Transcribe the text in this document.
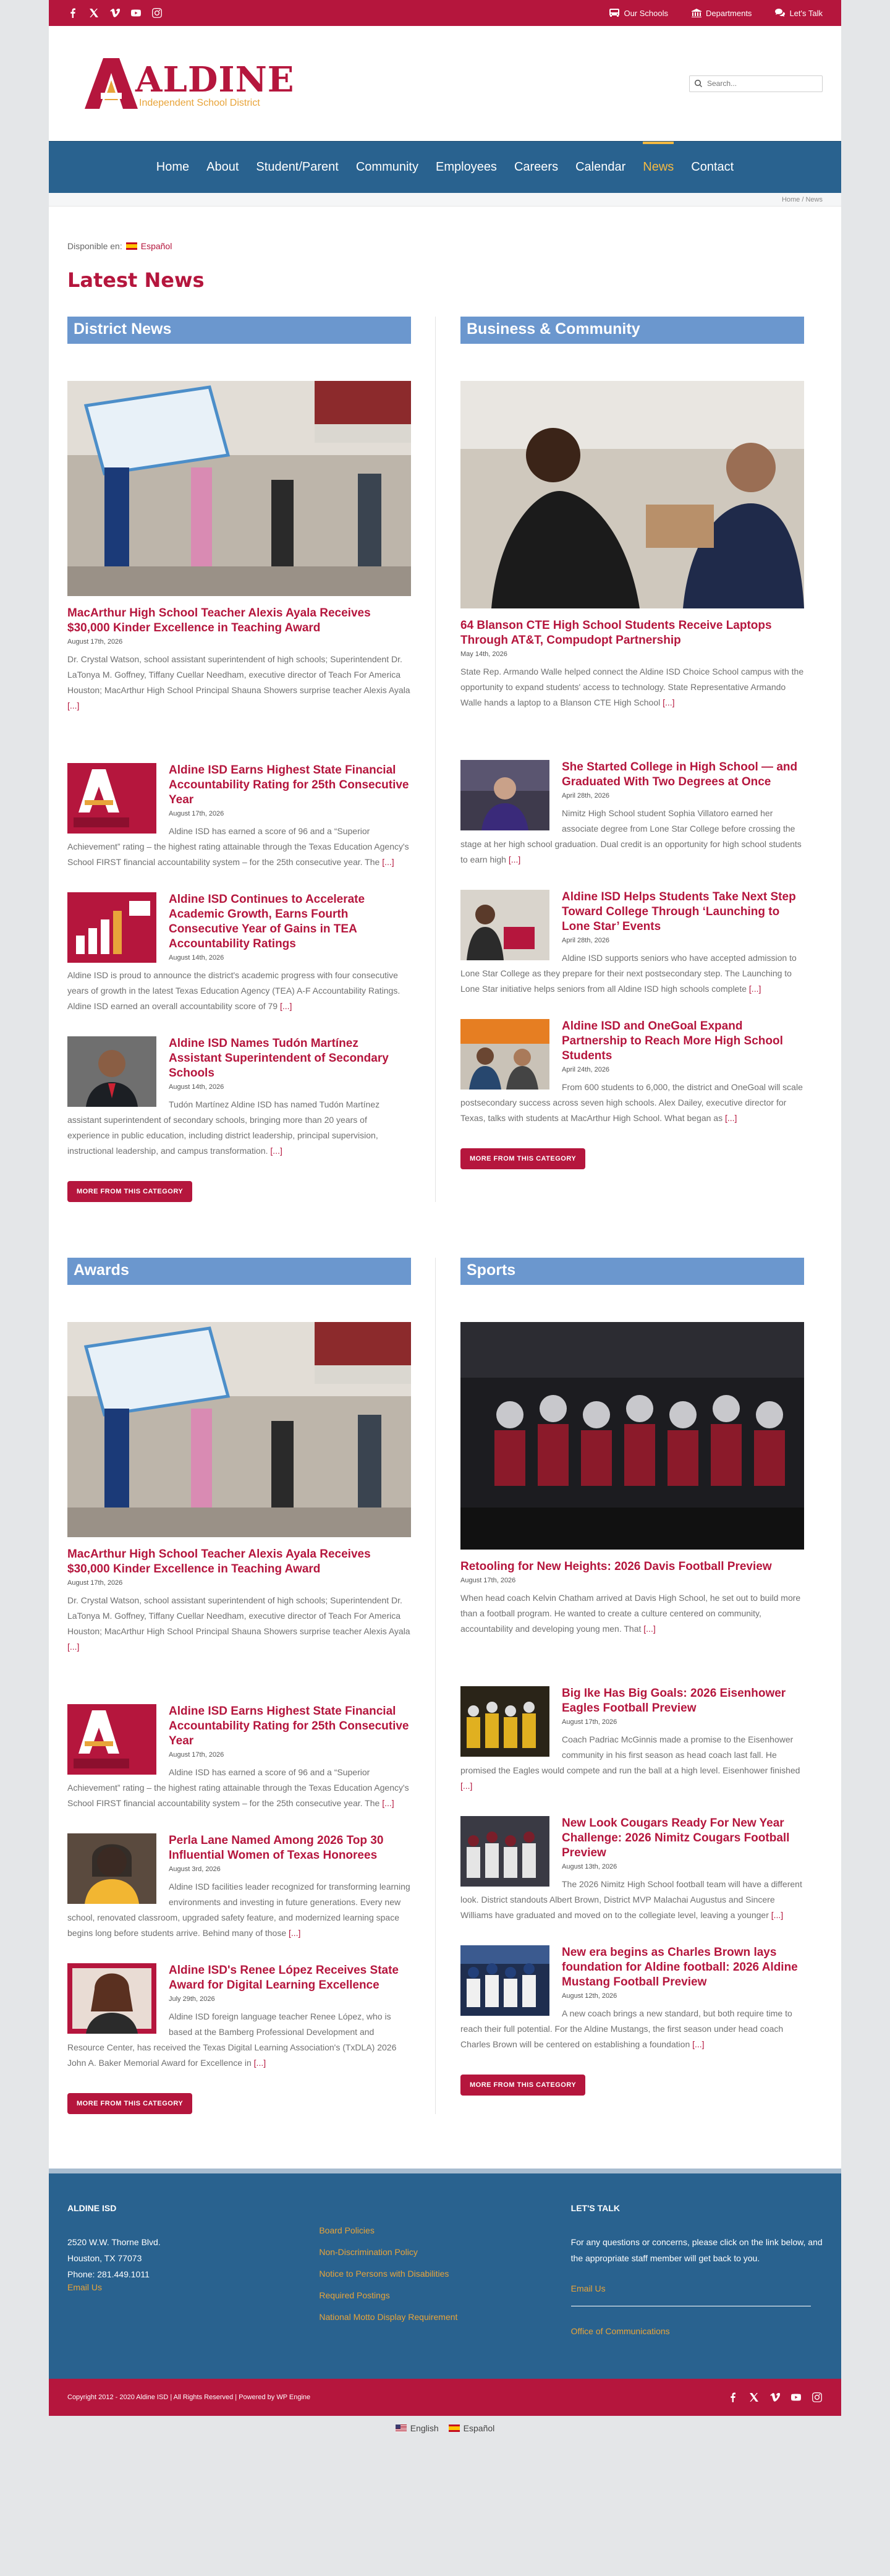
Our Schools	Departments	Let's Talk
ALDINE
Independent School District
Search...
Home	About	Student/Parent	Community	Employees	Careers	Calendar	News	Contact
Home / News
Disponible en: Español
Latest News
District News
MacArthur High School Teacher Alexis Ayala Receives $30,000 Kinder Excellence in Teaching Award
August 17th, 2026
Dr. Crystal Watson, school assistant superintendent of high schools; Superintendent Dr. LaTonya M. Goffney, Tiffany Cuellar Needham, executive director of Teach For America Houston; MacArthur High School Principal Shauna Showers surprise teacher Alexis Ayala [...]
Aldine ISD Earns Highest State Financial Accountability Rating for 25th Consecutive Year
August 17th, 2026
Aldine ISD has earned a score of 96 and a “Superior Achievement” rating – the highest rating attainable through the Texas Education Agency's School FIRST financial accountability system – for the 25th consecutive year. The [...]
Aldine ISD Continues to Accelerate Academic Growth, Earns Fourth Consecutive Year of Gains in TEA Accountability Ratings
August 14th, 2026
Aldine ISD is proud to announce the district's academic progress with four consecutive years of growth in the latest Texas Education Agency (TEA) A-F Accountability Ratings. Aldine ISD earned an overall accountability score of 79 [...]
Aldine ISD Names Tudón Martínez Assistant Superintendent of Secondary Schools
August 14th, 2026
Tudón Martínez Aldine ISD has named Tudón Martínez assistant superintendent of secondary schools, bringing more than 20 years of experience in public education, including district leadership, principal supervision, instructional leadership, and campus transformation. [...]
MORE FROM THIS CATEGORY
Business & Community
64 Blanson CTE High School Students Receive Laptops Through AT&T, Compudopt Partnership
May 14th, 2026
State Rep. Armando Walle helped connect the Aldine ISD Choice School campus with the opportunity to expand students' access to technology. State Representative Armando Walle hands a laptop to a Blanson CTE High School [...]
She Started College in High School — and Graduated With Two Degrees at Once
April 28th, 2026
Nimitz High School student Sophia Villatoro earned her associate degree from Lone Star College before crossing the stage at her high school graduation. Dual credit is an opportunity for high school students to earn high [...]
Aldine ISD Helps Students Take Next Step Toward College Through ‘Launching to Lone Star’ Events
April 28th, 2026
Aldine ISD supports seniors who have accepted admission to Lone Star College as they prepare for their next postsecondary step. The Launching to Lone Star initiative helps seniors from all Aldine ISD high schools complete [...]
Aldine ISD and OneGoal Expand Partnership to Reach More High School Students
April 24th, 2026
From 600 students to 6,000, the district and OneGoal will scale postsecondary success across seven high schools. Alex Dailey, executive director for Texas, talks with students at MacArthur High School. What began as [...]
MORE FROM THIS CATEGORY
Awards
MacArthur High School Teacher Alexis Ayala Receives $30,000 Kinder Excellence in Teaching Award
August 17th, 2026
Dr. Crystal Watson, school assistant superintendent of high schools; Superintendent Dr. LaTonya M. Goffney, Tiffany Cuellar Needham, executive director of Teach For America Houston; MacArthur High School Principal Shauna Showers surprise teacher Alexis Ayala [...]
Aldine ISD Earns Highest State Financial Accountability Rating for 25th Consecutive Year
August 17th, 2026
Aldine ISD has earned a score of 96 and a “Superior Achievement” rating – the highest rating attainable through the Texas Education Agency's School FIRST financial accountability system – for the 25th consecutive year. The [...]
Perla Lane Named Among 2026 Top 30 Influential Women of Texas Honorees
August 3rd, 2026
Aldine ISD facilities leader recognized for transforming learning environments and investing in future generations. Every new school, renovated classroom, upgraded safety feature, and modernized learning space begins long before students arrive. Behind many of those [...]
Aldine ISD's Renee López Receives State Award for Digital Learning Excellence
July 29th, 2026
Aldine ISD foreign language teacher Renee López, who is based at the Bamberg Professional Development and Resource Center, has received the Texas Digital Learning Association's (TxDLA) 2026 John A. Baker Memorial Award for Excellence in [...]
MORE FROM THIS CATEGORY
Sports
Retooling for New Heights: 2026 Davis Football Preview
August 17th, 2026
When head coach Kelvin Chatham arrived at Davis High School, he set out to build more than a football program. He wanted to create a culture centered on community, accountability and developing young men. That [...]
Big Ike Has Big Goals: 2026 Eisenhower Eagles Football Preview
August 17th, 2026
Coach Padriac McGinnis made a promise to the Eisenhower community in his first season as head coach last fall. He promised the Eagles would compete and run the ball at a high level. Eisenhower finished [...]
New Look Cougars Ready For New Year Challenge: 2026 Nimitz Cougars Football Preview
August 13th, 2026
The 2026 Nimitz High School football team will have a different look. District standouts Albert Brown, District MVP Malachai Augustus and Sincere Williams have graduated and moved on to the collegiate level, leaving a younger [...]
New era begins as Charles Brown lays foundation for Aldine football: 2026 Aldine Mustang Football Preview
August 12th, 2026
A new coach brings a new standard, but both require time to reach their full potential. For the Aldine Mustangs, the first season under head coach Charles Brown will be centered on establishing a foundation [...]
MORE FROM THIS CATEGORY
ALDINE ISD

2520 W.W. Thorne Blvd.

Houston, TX 77073

Phone: 281.449.1011

Email Us
Board Policies
Non-Discrimination Policy
Notice to Persons with Disabilities
Required Postings
National Motto Display Requirement
LET'S TALK

For any questions or concerns, please click on the link below, and the appropriate staff member will get back to you.

Email Us
Office of Communications
Copyright 2012 - 2020 Aldine ISD | All Rights Reserved | Powered by WP Engine
English	Español
